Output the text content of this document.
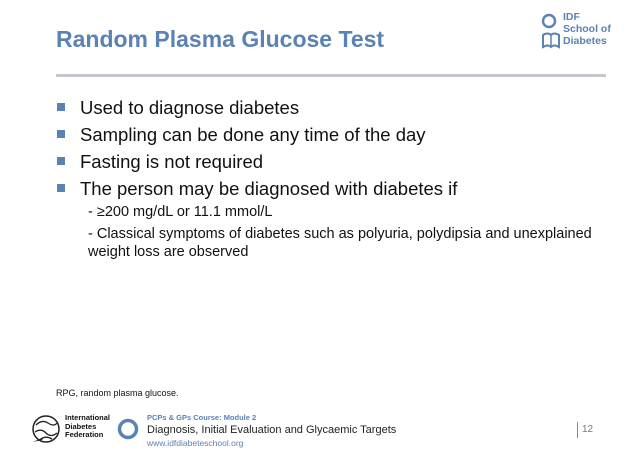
Random Plasma Glucose Test
IDF
School of
Diabetes
Used to diagnose diabetes
Sampling can be done any time of the day
Fasting is not required
The person may be diagnosed with diabetes if
- ≥200 mg/dL or 11.1 mmol/L
- Classical symptoms of diabetes such as polyuria, polydipsia and unexplained weight loss are observed
RPG, random plasma glucose.
International
Diabetes
Federation
PCPs & GPs Course: Module 2
Diagnosis, Initial Evaluation and Glycaemic Targets
www.idfdiabeteschool.org
12
